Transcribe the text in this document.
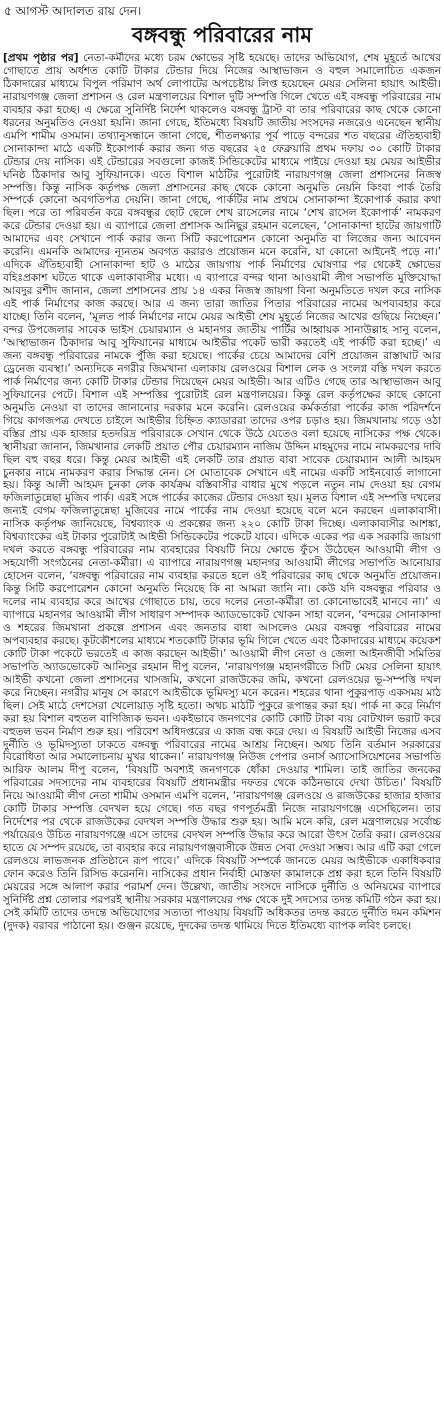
৫ আগস্ট আদালত রায় দেন।
বঙ্গবন্ধু পরিবারের নাম
[প্রথম পৃষ্ঠার পর] নেতা-কর্মীদের মধ্যে চরম ক্ষোভের সৃষ্টি হয়েছে। তাদের অভিযোগ, শেষ মুহূর্তে আখের গোছাতে প্রায় অর্ধশত কোটি টাকার টেন্ডার দিয়ে নিজের আস্থাভাজন ও বহুল সমালোচিত একজন ঠিকাদারের মাধ্যমে বিপুল পরিমাণ অর্থ লোপাটের অপচেষ্টায় লিপ্ত হয়েছেন মেয়র সেলিনা হায়াৎ আইভী। নারায়ণগঞ্জ জেলা প্রশাসন ও রেল মন্ত্রণালয়ের বিশাল দুটি সম্পত্তি গিলে খেতে এই বঙ্গবন্ধু পরিবারের নাম ব্যবহার করা হচ্ছে। এ ক্ষেত্রে সুনির্দিষ্ট নির্দেশ থাকলেও বঙ্গবন্ধু ট্রাস্ট বা তার পরিবারের কাছ থেকে কোনো ধরনের অনুমতিও নেওয়া হয়নি। জানা গেছে, ইতিমধ্যে বিষয়টি জাতীয় সংসদের নজরেও এনেছেন স্থানীয় এমপি শামীম ওসমান। তথ্যানুসন্ধানে জানা গেছে, শীতলক্ষ্যার পূর্ব পাড়ে বন্দরের শত বছরের ঐতিহ্যবাহী সোনাকান্দা মাঠে একটি ইকোপার্ক করার জন্য গত বছরের ২৫ ফেব্রুয়ারি প্রথম দফায় ৩০ কোটি টাকার টেন্ডার দেয় নাসিক। এই টেন্ডারের সবগুলো কাজই সিন্ডিকেটের মাধ্যমে পাইয়ে দেওয়া হয় মেয়র আইভীর ঘনিষ্ঠ ঠিকাদার আবু সুফিয়ানকে। এতে বিশাল মাঠটির পুরোটাই নারায়ণগঞ্জ জেলা প্রশাসনের নিজস্ব সম্পত্তি। কিন্তু নাসিক কর্তৃপক্ষ জেলা প্রশাসনের কাছ থেকে কোনো অনুমতি নেয়নি কিংবা পার্ক তৈরি সম্পর্কে কোনো অবগতিপত্র দেয়নি। জানা গেছে, পার্কটির নাম প্রথমে সোনাকান্দা ইকোপার্ক করার কথা ছিল। পরে তা পরিবর্তন করে বঙ্গবন্ধুর ছোট ছেলে শেখ রাসেলের নামে ‘শেখ রাসেল ইকোপার্ক’ নামকরণ করে টেন্ডার দেওয়া হয়। এ ব্যাপারে জেলা প্রশাসক আনিছুর রহমান বলেছেন, ‘সোনাকান্দা হাটের জায়গাটি আমাদের এবং সেখানে পার্ক করার জন্য সিটি করপোরেশন কোনো অনুমতি বা লিজের জন্য আবেদন করেনি। এমনকি আমাদের ন্যূনতম অবগত করারও প্রয়োজন মনে করেনি, যা কোনো আইনেই পড়ে না।’ এদিকে ঐতিহ্যবাহী সোনাকান্দা হাট ও মাঠের জায়গায় পার্ক নির্মাণের ঘোষণার পর থেকেই ক্ষোভের বহিঃপ্রকাশ ঘটতে থাকে এলাকাবাসীর মধ্যে। এ ব্যাপারে বন্দর থানা আওয়ামী লীগ সভাপতি মুক্তিযোদ্ধা আবদুর রশীদ জানান, জেলা প্রশাসনের প্রায় ১৪ একর নিজস্ব জায়গা বিনা অনুমতিতে দখল করে নাসিক এই পার্ক নির্মাণের কাজ করছে। আর এ জন্য তারা জাতির পিতার পরিবারের নামের অপব্যবহার করে যাচ্ছে। তিনি বলেন, ‘মূলত পার্ক নির্মাণের নামে মেয়র আইভী শেষ মুহূর্তে নিজের আখের গুছিয়ে নিচ্ছেন।’ বন্দর উপজেলার সাবেক ভাইস চেয়ারম্যান ও মহানগর জাতীয় পার্টির আহ্বায়ক সানাউল্লাহ সানু বলেন, ‘আস্থাভাজন ঠিকাদার আবু সুফিয়ানের মাধ্যমে আইভীর পকেট ভারী করতেই এই পার্কটি করা হচ্ছে।’ এ জন্য বঙ্গবন্ধু পরিবারের নামকে পুঁজি করা হয়েছে। পার্কের চেয়ে আমাদের বেশি প্রয়োজন রাস্তাঘাট আর ড্রেনেজ ব্যবস্থা।’ অন্যদিকে নগরীর জিমখানা এলাকায় রেলওয়ের বিশাল লেক ও সংলগ্ন বস্তি দখল করতে পার্ক নির্মাণের জন্য কোটি টাকার টেন্ডার দিয়েছেন মেয়র আইভী। আর এটিও গেছে তার আস্থাভাজন আবু সুফিয়ানের পেটে। বিশাল এই সম্পত্তির পুরোটাই রেল মন্ত্রণালয়ের। কিন্তু রেল কর্তৃপক্ষের কাছে কোনো অনুমতি নেওয়া বা তাদের জানানোর দরকার মনে করেনি। রেলওয়ের কর্মকর্তারা পার্কের কাজ পরিদর্শনে গিয়ে কাগজপত্র দেখতে চাইলে আইভীর চিহ্নিত ক্যাডাররা তাদের ওপর চড়াও হয়। জিমখানায় গড়ে ওঠা বস্তির প্রায় এক হাজার হতদরিদ্র পরিবারকে সেখান থেকে উঠে যেতেও বলা হয়েছে নাসিকের পক্ষ থেকে। স্থানীয়রা জানান, জিমখানার লেকটি প্রয়াত পৌর চেয়ারম্যান নাজিম উদ্দিন মাহমুদের নামে নামকরণের দাবি ছিল বহু বছর ধরে। কিন্তু মেয়র আইভী এই লেকটি তার প্রয়াত বাবা সাবেক চেয়ারম্যান আলী আহমদ চুনকার নামে নামকরণ করার সিদ্ধান্ত নেন। সে মোতাবেক সেখানে এই নামের একটি সাইনবোর্ড লাগানো হয়। কিন্তু আলী আহমদ চুনকা লেক কার্যক্রম বস্তিবাসীর বাধার মুখে পড়লে নতুন নাম দেওয়া হয় বেগম ফজিলাতুন্নেছা মুজিব পার্ক। এরই সঙ্গে পার্কের কাজের টেন্ডার দেওয়া হয়। মূলত বিশাল এই সম্পত্তি দখলের জন্যই বেগম ফজিলাতুন্নেছা মুজিবের নামে পার্কের নাম দেওয়া হয়েছে বলে মনে করছেন এলাকাবাসী। নাসিক কর্তৃপক্ষ জানিয়েছে, বিশ্বব্যাংক এ প্রকল্পের জন্য ২২০ কোটি টাকা দিচ্ছে। এলাকাবাসীর আশঙ্কা, বিশ্বব্যাংকের এই টাকার পুরোটাই আইভী সিন্ডিকেটের পকেটে যাবে। এদিকে একের পর এক সরকারি জায়গা দখল করতে বঙ্গবন্ধু পরিবারের নাম ব্যবহারের বিষয়টি নিয়ে ক্ষোভে ফুঁসে উঠেছেন আওয়ামী লীগ ও সহযোগী সংগঠনের নেতা-কর্মীরা। এ ব্যাপারে নারায়ণগঞ্জ মহানগর আওয়ামী লীগের সভাপতি আনোয়ার হোসেন বলেন, ‘বঙ্গবন্ধু পরিবারের নাম ব্যবহার করতে হলে ওই পরিবারের কাছ থেকে অনুমতি প্রয়োজন। কিন্তু সিটি করপোরেশন কোনো অনুমতি নিয়েছে কি না আমরা জানি না। কেউ যদি বঙ্গবন্ধুর পরিবার ও দলের নাম ব্যবহার করে আখের গোছাতে চায়, তবে দলের নেতা-কর্মীরা তা কোনোভাবেই মানবে না।’ এ ব্যাপারে মহানগর আওয়ামী লীগ সাধারণ সম্পাদক অ্যাডভোকেট খোকন সাহা বলেন, ‘বন্দরের সোনাকান্দা ও শহরের জিমখানা প্রকল্পে প্রশাসন এবং জনতার বাধা আসলেও মেয়র বঙ্গবন্ধু পরিবারের নামের অপব্যবহার করছে। কূটকৌশলের মাধ্যমে শতকোটি টাকার ভূমি গিলে খেতে এবং ঠিকাদারের মাধ্যমে কয়েকশ কোটি টাকা পকেটে ভরতেই এ কাজ করছেন আইভী।’ আওয়ামী লীগ নেতা ও জেলা আইনজীবী সমিতির সভাপতি অ্যাডভোকেট আনিসুর রহমান দীপু বলেন, ‘নারায়ণগঞ্জ মহানগরীতে সিটি মেয়র সেলিনা হায়াৎ আইভী কখনো জেলা প্রশাসনের খাসজমি, কখনো রাজউকের জমি, কখনো রেলওয়ের ভূ-সম্পত্তি দখল করে নিচ্ছেন। নগরীর মানুষ সে কারণে আইভীকে ভূমিদস্যু মনে করেন। শহরের থানা পুকুরপাড় একসময় মাঠ ছিল। সেই মাঠে দেশসেরা খেলোয়াড় সৃষ্টি হতো। অথচ মাঠটি পুকুরে রূপান্তর করা হয়। পার্ক না করে নির্মাণ করা হয় বিশাল বহুতল বাণিজ্যিক ভবন। একইভাবে জনগণের কোটি কোটি টাকা ব্যয় বোটখাল ভরাট করে বহুতল ভবন নির্মাণ শুরু হয়। পরিবেশ অধিদপ্তরের এ কাজ বন্ধ করে দেয়। এ বিষয়টি আইভী নিজের এসব দুর্নীতি ও ভূমিদস্যুতা ঢাকতে বঙ্গবন্ধু পরিবারের নামের আশ্রয় নিচ্ছেন। অথচ তিনি বর্তমান সরকারের বিরোধিতা আর সমালোচনায় মুখর থাকেন।’ নারায়ণগঞ্জ নিউজ পেপার ওনার্স অ্যাসোসিয়েশনের সভাপতি আরিফ আলম দীপু বলেন, ‘বিষয়টি অবশ্যই জনগণকে ধোঁকা দেওয়ার শামিল। তাই জাতির জনকের পরিবারের সদস্যদের নাম ব্যবহারের বিষয়টি প্রধানমন্ত্রীর দফতর থেকে কঠিনভাবে দেখা উচিত।’ বিষয়টি নিয়ে আওয়ামী লীগ নেতা শামীম ওসমান এমপি বলেন, ‘নারায়ণগঞ্জ রেলওয়ে ও রাজউকের হাজার হাজার কোটি টাকার সম্পত্তি বেদখল হয়ে গেছে। গত বছর গণপূর্তমন্ত্রী নিজে নারায়ণগঞ্জে এসেছিলেন। তার নির্দেশের পর থেকে রাজউকের বেদখল সম্পত্তি উদ্ধার শুরু হয়। আমি মনে করি, রেল মন্ত্রণালয়ের সর্বোচ্চ পর্যায়েরও উচিত নারায়ণগঞ্জে এসে তাদের বেদখল সম্পত্তি উদ্ধার করে আরো উৎস তৈরি করা। রেলওয়ের হাতে যে সম্পদ রয়েছে, তা ব্যবহার করে নারায়ণগঞ্জবাসীকে উন্নত সেবা দেওয়া সম্ভব। আর এটি করা গেলে রেলওয়ে লাভজনক প্রতিষ্ঠানে রূপ পাবে।’ এদিকে বিষয়টি সম্পর্কে জানতে মেয়র আইভীকে একাধিকবার ফোন করেও তিনি রিসিভ করেননি। নাসিকের প্রধান নির্বাহী মোস্তফা কামালকে প্রশ্ন করা হলে তিনি বিষয়টি মেয়রের সঙ্গে আলাপ করার পরামর্শ দেন। উল্লেখ্য, জাতীয় সংসদে নাসিকে দুর্নীতি ও অনিয়মের ব্যাপারে সুনির্দিষ্ট প্রশ্ন তোলার পরপরই স্থানীয় সরকার মন্ত্রণালয়ের পক্ষ থেকে দুই সদস্যের তদন্ত কমিটি গঠন করা হয়। সেই কমিটি তাদের তদন্তে অভিযোগের সত্যতা পাওয়ায় বিষয়টি অধিকতর তদন্ত করতে দুর্নীতি দমন কমিশন (দুদক) বরাবর পাঠানো হয়। গুঞ্জন রয়েছে, দুদকের তদন্ত থামিয়ে দিতে ইতিমধ্যে ব্যাপক লবিং চলছে।
